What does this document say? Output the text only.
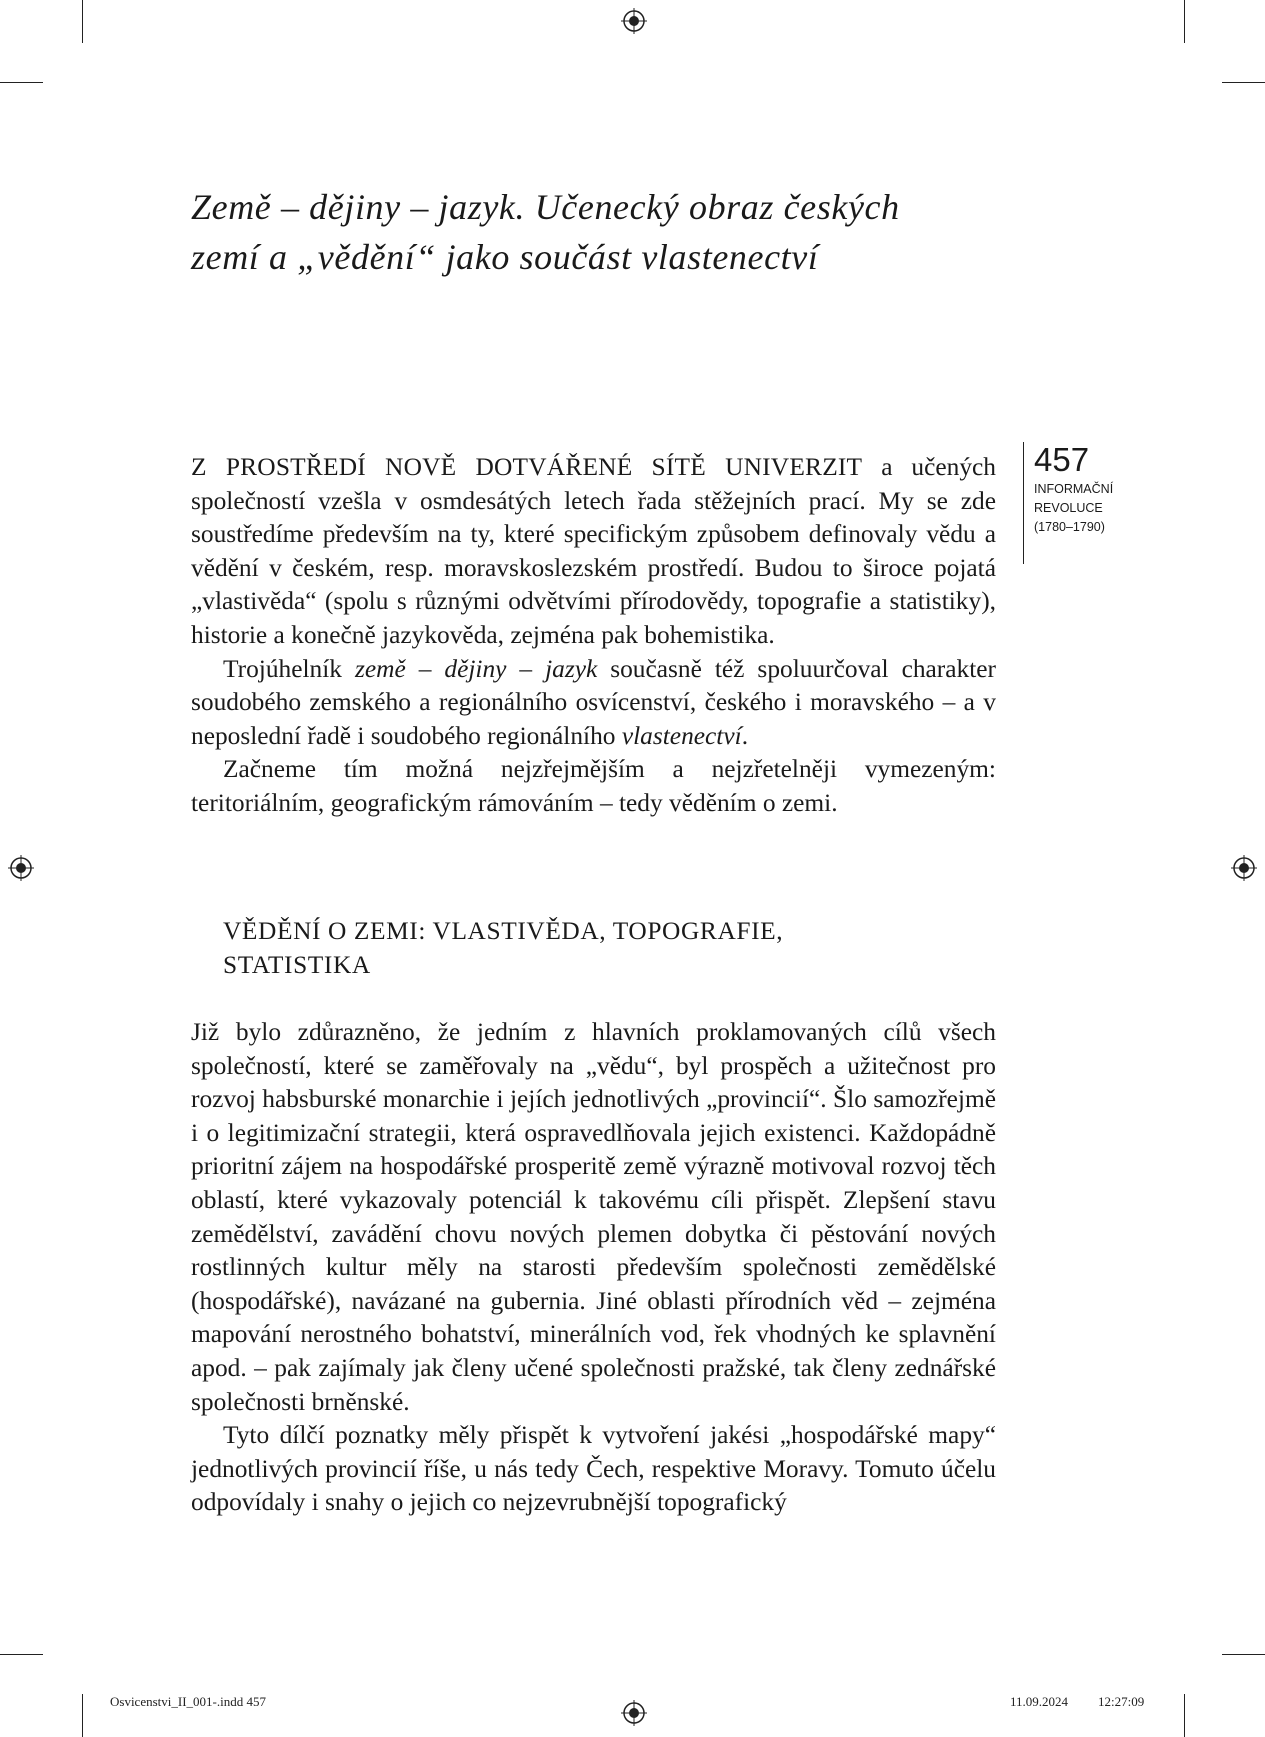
Země – dějiny – jazyk. Učenecký obraz českých
zemí a „vědění“ jako součást vlastenectví
457
INFORMAČNÍ
REVOLUCE
(1780–1790)

Z PROSTŘEDÍ NOVĚ DOTVÁŘENÉ SÍTĚ UNIVERZIT a učených společností vzešla v osmdesátých letech řada stěžejních prací. My se zde soustředíme především na ty, které specifickým způsobem definovaly vědu a vědění v českém, resp. moravskoslezském prostředí. Budou to široce pojatá „vlastivěda“ (spolu s různými odvětvími přírodovědy, topografie a statistiky), historie a konečně jazykověda, zejména pak bohemistika.

Trojúhelník země – dějiny – jazyk současně též spoluurčoval charakter soudobého zemského a regionálního osvícenství, českého i moravského – a v neposlední řadě i soudobého regionálního vlastenectví.

Začneme tím možná nejzřejmějším a nejzřetelněji vymezeným: teritoriálním, geografickým rámováním – tedy věděním o zemi.

VĚDĚNÍ O ZEMI: VLASTIVĚDA, TOPOGRAFIE,
STATISTIKA

Již bylo zdůrazněno, že jedním z hlavních proklamovaných cílů všech společností, které se zaměřovaly na „vědu“, byl prospěch a užitečnost pro rozvoj habsburské monarchie i jejích jednotlivých „provincií“. Šlo samozřejmě i o legitimizační strategii, která ospravedlňovala jejich existenci. Každopádně prioritní zájem na hospodářské prosperitě země výrazně motivoval rozvoj těch oblastí, které vykazovaly potenciál k takovému cíli přispět. Zlepšení stavu zemědělství, zavádění chovu nových plemen dobytka či pěstování nových rostlinných kultur měly na starosti především společnosti zemědělské (hospodářské), navázané na gubernia. Jiné oblasti přírodních věd – zejména mapování nerostného bohatství, minerálních vod, řek vhodných ke splavnění apod. – pak zajímaly jak členy učené společnosti pražské, tak členy zednářské společnosti brněnské.

Tyto dílčí poznatky měly přispět k vytvoření jakési „hospodářské mapy“ jednotlivých provincií říše, u nás tedy Čech, respektive Moravy. Tomuto účelu odpovídaly i snahy o jejich co nejzevrubnější topografický

Osvicenstvi_II_001-.indd 457	11.09.2024 12:27:09
